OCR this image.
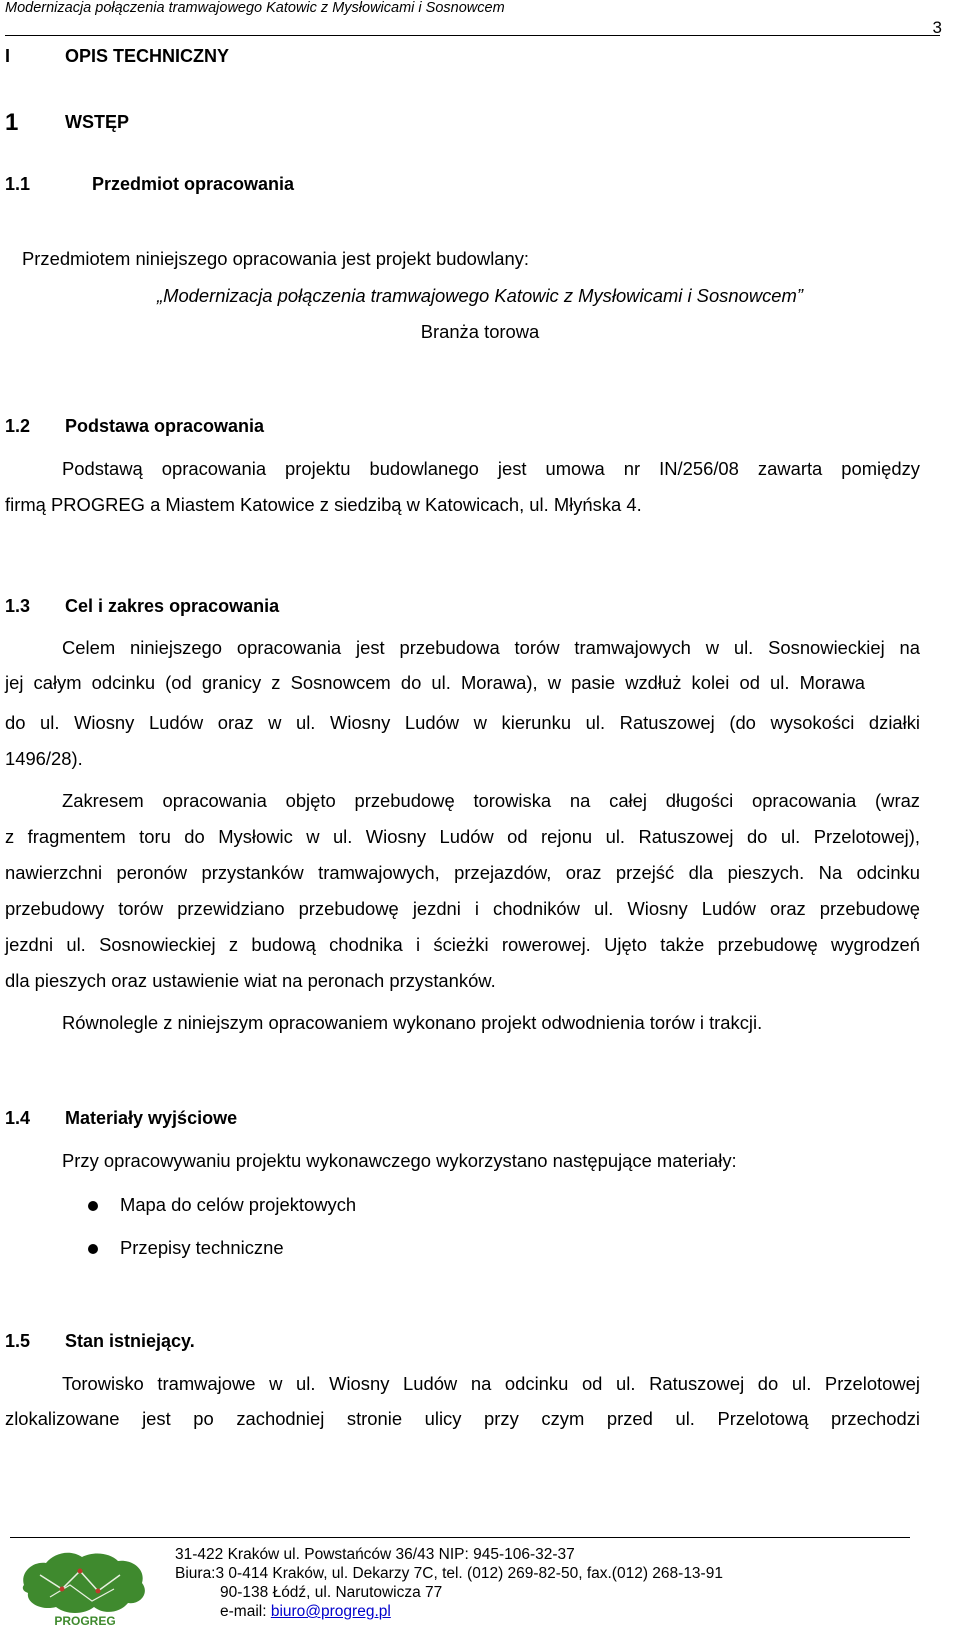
Modernizacja połączenia tramwajowego Katowic z Mysłowicami i Sosnowcem
3
I	OPIS TECHNICZNY
1	WSTĘP
1.1	Przedmiot opracowania
Przedmiotem niniejszego opracowania jest projekt budowlany:
„Modernizacja połączenia tramwajowego Katowic z Mysłowicami i Sosnowcem”
Branża torowa
1.2 Podstawa opracowania
Podstawą opracowania projektu budowlanego jest umowa nr IN/256/08 zawarta pomiędzy
firmą PROGREG a Miastem Katowice z siedzibą w Katowicach, ul. Młyńska 4.
1.3 Cel i zakres opracowania
Celem niniejszego opracowania jest przebudowa torów tramwajowych w ul. Sosnowieckiej na
jej całym odcinku (od granicy z Sosnowcem do ul. Morawa), w pasie wzdłuż kolei od ul. Morawa
do ul. Wiosny Ludów oraz w ul. Wiosny Ludów w kierunku ul. Ratuszowej (do wysokości działki
1496/28).
Zakresem opracowania objęto przebudowę torowiska na całej długości opracowania (wraz
z fragmentem toru do Mysłowic w ul. Wiosny Ludów od rejonu ul. Ratuszowej do ul. Przelotowej),
nawierzchni peronów przystanków tramwajowych, przejazdów, oraz przejść dla pieszych. Na odcinku
przebudowy torów przewidziano przebudowę jezdni i chodników ul. Wiosny Ludów oraz przebudowę
jezdni ul. Sosnowieckiej z budową chodnika i ścieżki rowerowej. Ujęto także przebudowę wygrodzeń
dla pieszych oraz ustawienie wiat na peronach przystanków.
Równolegle z niniejszym opracowaniem wykonano projekt odwodnienia torów i trakcji.
1.4 Materiały wyjściowe
Przy opracowywaniu projektu wykonawczego wykorzystano następujące materiały:
Mapa do celów projektowych
Przepisy techniczne
1.5 Stan istniejący.
Torowisko tramwajowe w ul. Wiosny Ludów na odcinku od ul. Ratuszowej do ul. Przelotowej
zlokalizowane jest po zachodniej stronie ulicy przy czym przed ul. Przelotową przechodzi
PROGREG
31-422 Kraków ul. Powstańców 36/43 NIP: 945-106-32-37
Biura:3 0-414 Kraków, ul. Dekarzy 7C, tel. (012) 269-82-50, fax.(012) 268-13-91
90-138 Łódź, ul. Narutowicza 77
e-mail: biuro@progreg.pl
